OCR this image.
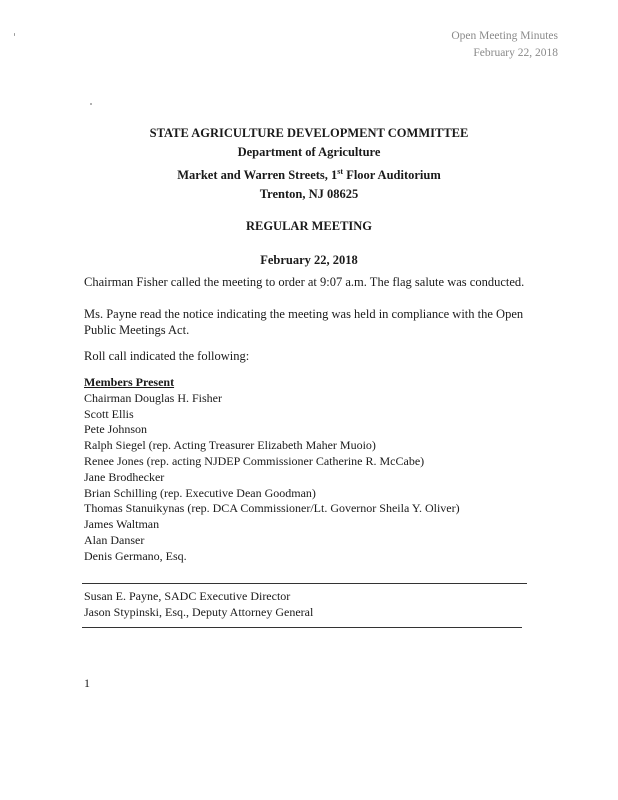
Open Meeting Minutes
February 22, 2018
STATE AGRICULTURE DEVELOPMENT COMMITTEE
Department of Agriculture
Market and Warren Streets, 1st Floor Auditorium
Trenton, NJ 08625
REGULAR MEETING
February 22, 2018
Chairman Fisher called the meeting to order at 9:07 a.m. The flag salute was conducted.
Ms. Payne read the notice indicating the meeting was held in compliance with the Open Public Meetings Act.
Roll call indicated the following:
Members Present
Chairman Douglas H. Fisher
Scott Ellis
Pete Johnson
Ralph Siegel (rep. Acting Treasurer Elizabeth Maher Muoio)
Renee Jones (rep. acting NJDEP Commissioner Catherine R. McCabe)
Jane Brodhecker
Brian Schilling (rep. Executive Dean Goodman)
Thomas Stanuikynas (rep. DCA Commissioner/Lt. Governor Sheila Y. Oliver)
James Waltman
Alan Danser
Denis Germano, Esq.
Susan E. Payne, SADC Executive Director
Jason Stypinski, Esq., Deputy Attorney General
1
